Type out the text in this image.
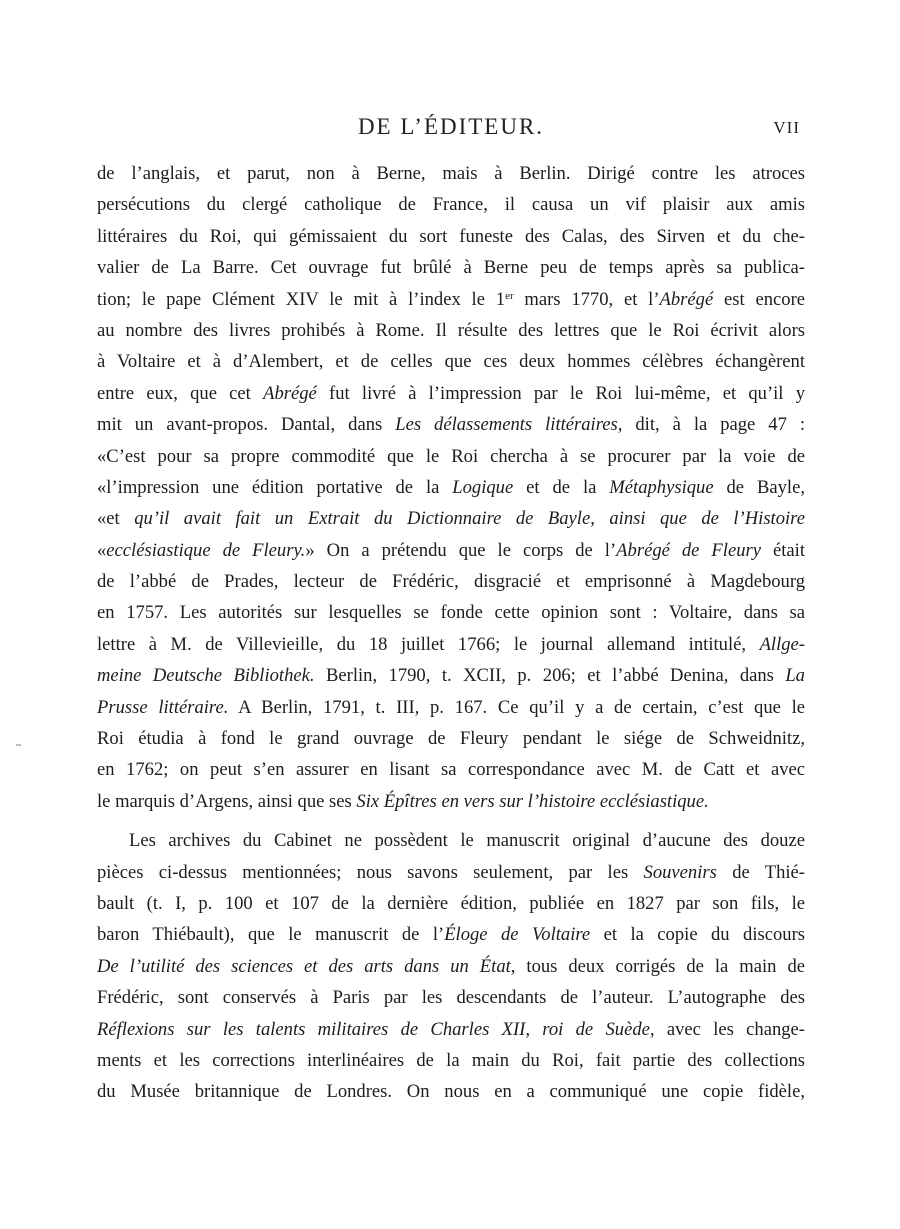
DE L’ÉDITEUR.	VII
de l’anglais, et parut, non à Berne, mais à Berlin. Dirigé contre les atroces
persécutions du clergé catholique de France, il causa un vif plaisir aux amis
littéraires du Roi, qui gémissaient du sort funeste des Calas, des Sirven et du che-
valier de La Barre. Cet ouvrage fut brûlé à Berne peu de temps après sa publica-
tion; le pape Clément XIV le mit à l’index le 1er mars 1770, et l’Abrégé est encore
au nombre des livres prohibés à Rome. Il résulte des lettres que le Roi écrivit alors
à Voltaire et à d’Alembert, et de celles que ces deux hommes célèbres échangèrent
entre eux, que cet Abrégé fut livré à l’impression par le Roi lui-même, et qu’il y
mit un avant-propos. Dantal, dans Les délassements littéraires, dit, à la page 47 :
«C’est pour sa propre commodité que le Roi chercha à se procurer par la voie de
«l’impression une édition portative de la Logique et de la Métaphysique de Bayle,
«et qu’il avait fait un Extrait du Dictionnaire de Bayle, ainsi que de l’Histoire
«ecclésiastique de Fleury.» On a prétendu que le corps de l’Abrégé de Fleury était
de l’abbé de Prades, lecteur de Frédéric, disgracié et emprisonné à Magdebourg
en 1757. Les autorités sur lesquelles se fonde cette opinion sont : Voltaire, dans sa
lettre à M. de Villevieille, du 18 juillet 1766; le journal allemand intitulé, Allge-
meine Deutsche Bibliothek. Berlin, 1790, t. XCII, p. 206; et l’abbé Denina, dans La
Prusse littéraire. A Berlin, 1791, t. III, p. 167. Ce qu’il y a de certain, c’est que le
Roi étudia à fond le grand ouvrage de Fleury pendant le siége de Schweidnitz,
en 1762; on peut s’en assurer en lisant sa correspondance avec M. de Catt et avec
le marquis d’Argens, ainsi que ses Six Épîtres en vers sur l’histoire ecclésiastique.
Les archives du Cabinet ne possèdent le manuscrit original d’aucune des douze
pièces ci-dessus mentionnées; nous savons seulement, par les Souvenirs de Thié-
bault (t. I, p. 100 et 107 de la dernière édition, publiée en 1827 par son fils, le
baron Thiébault), que le manuscrit de l’Éloge de Voltaire et la copie du discours
De l’utilité des sciences et des arts dans un État, tous deux corrigés de la main de
Frédéric, sont conservés à Paris par les descendants de l’auteur. L’autographe des
Réflexions sur les talents militaires de Charles XII, roi de Suède, avec les change-
ments et les corrections interlinéaires de la main du Roi, fait partie des collections
du Musée britannique de Londres. On nous en a communiqué une copie fidèle,
